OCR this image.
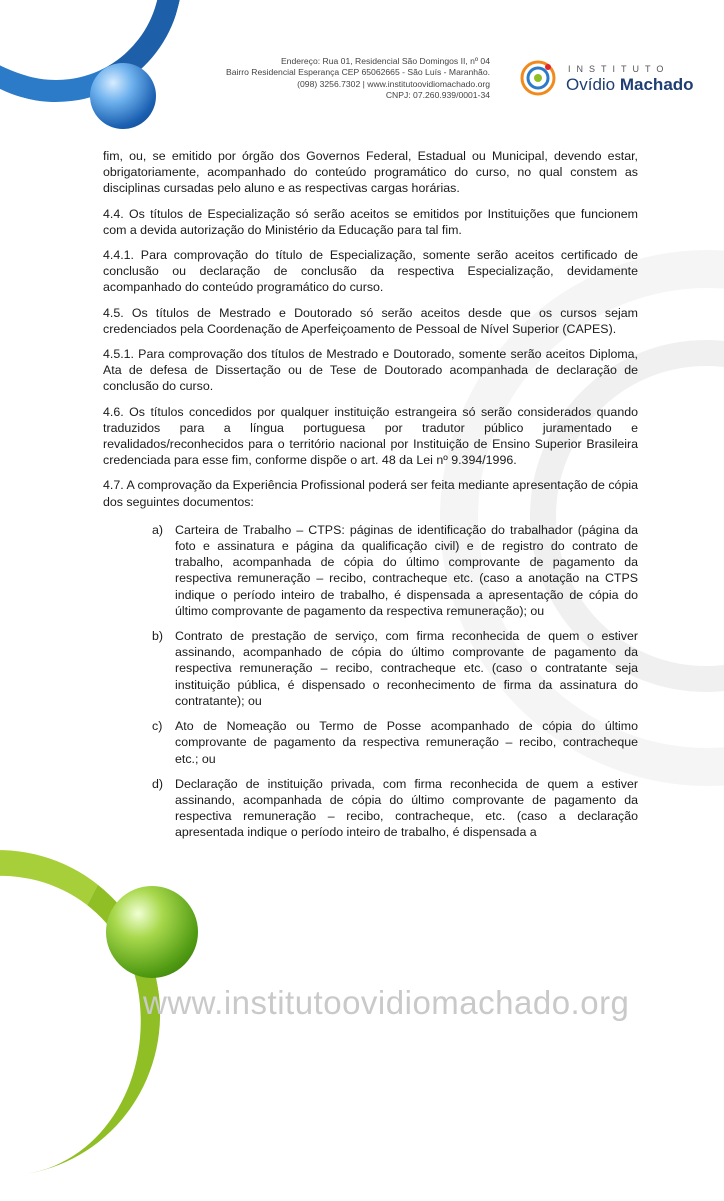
Endereço: Rua 01, Residencial São Domingos II, nº 04
Bairro Residencial Esperança CEP 65062665 - São Luís - Maranhão.
(098) 3256.7302 | www.institutoovidiomachado.org
CNPJ: 07.260.939/0001-34
INSTITUTO
Ovídio Machado

fim, ou, se emitido por órgão dos Governos Federal, Estadual ou Municipal, devendo estar, obrigatoriamente, acompanhado do conteúdo programático do curso, no qual constem as disciplinas cursadas pelo aluno e as respectivas cargas horárias.

4.4. Os títulos de Especialização só serão aceitos se emitidos por Instituições que funcionem com a devida autorização do Ministério da Educação para tal fim.

4.4.1. Para comprovação do título de Especialização, somente serão aceitos certificado de conclusão ou declaração de conclusão da respectiva Especialização, devidamente acompanhado do conteúdo programático do curso.

4.5. Os títulos de Mestrado e Doutorado só serão aceitos desde que os cursos sejam credenciados pela Coordenação de Aperfeiçoamento de Pessoal de Nível Superior (CAPES).

4.5.1. Para comprovação dos títulos de Mestrado e Doutorado, somente serão aceitos Diploma, Ata de defesa de Dissertação ou de Tese de Doutorado acompanhada de declaração de conclusão do curso.

4.6. Os títulos concedidos por qualquer instituição estrangeira só serão considerados quando traduzidos para a língua portuguesa por tradutor público juramentado e revalidados/reconhecidos para o território nacional por Instituição de Ensino Superior Brasileira credenciada para esse fim, conforme dispõe o art. 48 da Lei nº 9.394/1996.

4.7. A comprovação da Experiência Profissional poderá ser feita mediante apresentação de cópia dos seguintes documentos:

a) Carteira de Trabalho – CTPS: páginas de identificação do trabalhador (página da foto e assinatura e página da qualificação civil) e de registro do contrato de trabalho, acompanhada de cópia do último comprovante de pagamento da respectiva remuneração – recibo, contracheque etc. (caso a anotação na CTPS indique o período inteiro de trabalho, é dispensada a apresentação de cópia do último comprovante de pagamento da respectiva remuneração); ou
b) Contrato de prestação de serviço, com firma reconhecida de quem o estiver assinando, acompanhado de cópia do último comprovante de pagamento da respectiva remuneração – recibo, contracheque etc. (caso o contratante seja instituição pública, é dispensado o reconhecimento de firma da assinatura do contratante); ou
c) Ato de Nomeação ou Termo de Posse acompanhado de cópia do último comprovante de pagamento da respectiva remuneração – recibo, contracheque etc.; ou
d) Declaração de instituição privada, com firma reconhecida de quem a estiver assinando, acompanhada de cópia do último comprovante de pagamento da respectiva remuneração – recibo, contracheque, etc. (caso a declaração apresentada indique o período inteiro de trabalho, é dispensada a
www.institutoovidiomachado.org
